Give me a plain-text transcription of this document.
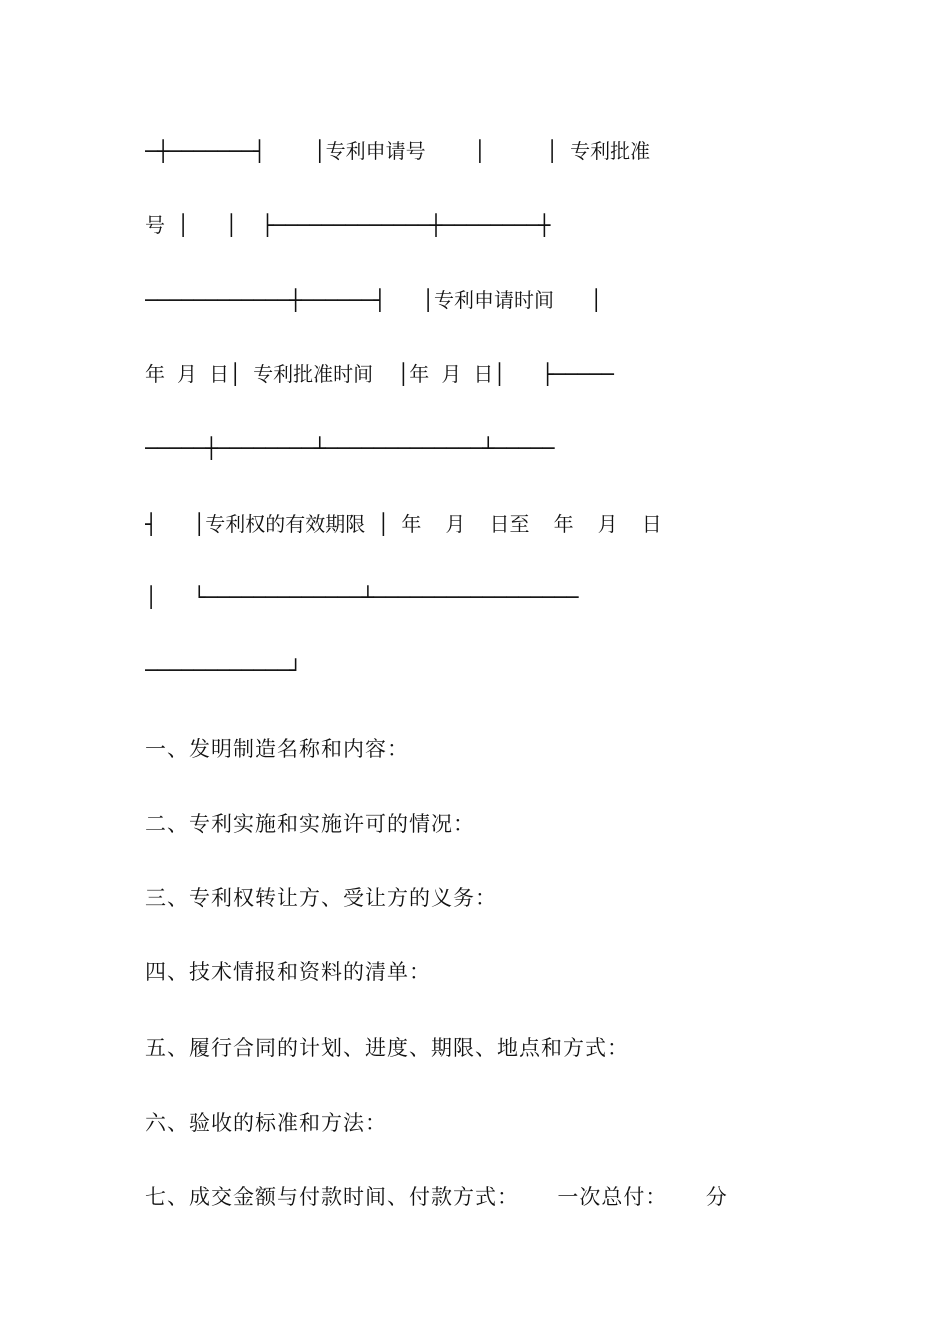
─┼───────┤    │专利申请号    │     │ 专利批准
号 │   │  ├─────────────┼────────┼
────────────┼──────┤   │专利申请时间   │
年 月 日│ 专利批准时间  │年 月 日│   ├─────
─────┼────────┴─────────────┴─────
┤   │专利权的有效期限 │ 年  月  日至  年  月  日
│   └─────────────┴─────────────────
────────────┘
一、发明制造名称和内容：
二、专利实施和实施许可的情况：
三、专利权转让方、受让方的义务：
四、技术情报和资料的清单：
五、履行合同的计划、进度、期限、地点和方式：
六、验收的标准和方法：
七、成交金额与付款时间、付款方式：     一次总付：     分
